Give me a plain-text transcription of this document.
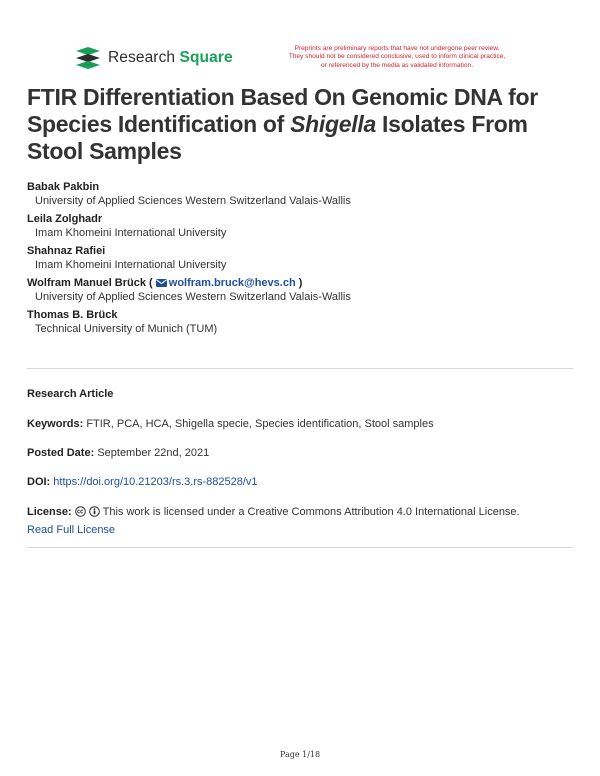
Research Square
Preprints are preliminary reports that have not undergone peer review.
They should not be considered conclusive, used to inform clinical practice,
or referenced by the media as validated information.
FTIR Differentiation Based On Genomic DNA for Species Identification of Shigella Isolates From Stool Samples
Babak Pakbin
University of Applied Sciences Western Switzerland Valais-Wallis
Leila Zolghadr
Imam Khomeini International University
Shahnaz Rafiei
Imam Khomeini International University
Wolfram Manuel Brück ( wolfram.bruck@hevs.ch )
University of Applied Sciences Western Switzerland Valais-Wallis
Thomas B. Brück
Technical University of Munich (TUM)
Research Article
Keywords: FTIR, PCA, HCA, Shigella specie, Species identification, Stool samples
Posted Date: September 22nd, 2021
DOI: https://doi.org/10.21203/rs.3.rs-882528/v1
License:	This work is licensed under a Creative Commons Attribution 4.0 International License.
Read Full License
Page 1/18
